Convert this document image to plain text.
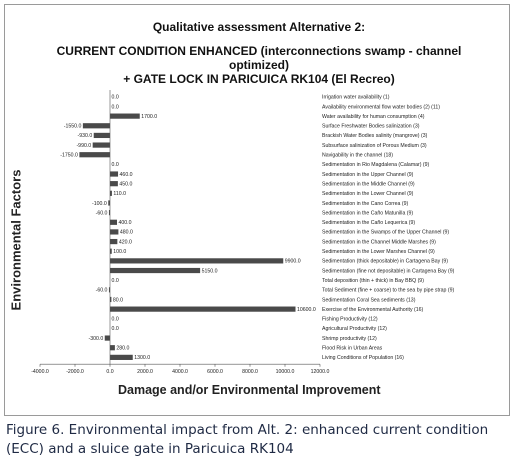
Qualitative assessment Alternative 2:
CURRENT CONDITION ENHANCED (interconnections swamp - channel
optimized)
+ GATE LOCK IN PARICUICA RK104 (El Recreo)
Environmental Factors
Damage and/or Environmental Improvement
0.0	Irrigation water availability (1)
0.0	Availability environmental flow water bodies (2) (11)
1700.0	Water availability for human consumption (4)
-1550.0	Surface Freshwater Bodies salinization (3)
-930.0	Brackish Water Bodies salinity (mangrove) (3)
-990.0	Subsurface salinization of Porous Medium (3)
-1750.0	Navigability in the channel (18)
0.0	Sedimentation in Rio Magdalena (Calamar) (9)
460.0	Sedimentation in the Upper Channel (9)
450.0	Sedimentation in the Middle Channel (9)
110.0	Sedimentation in the Lower Channel (9)
-100.0	Sedimentation in the Cano Correa (9)
-60.0	Sedimentation in the Caño Matunilla (9)
400.0	Sedimentation in the Caño Lequerica (9)
480.0	Sedimentation in the Swamps of the Upper Channel (9)
420.0	Sedimentation in the Channel Middle Marshes (9)
100.0	Sedimentation in the Lower Marshes Channel (9)
9900.0	Sedimentation (thick depositable) in Cartagena Bay (9)
5150.0	Sedimentation (fine not depositable) in Cartagena Bay (9)
0.0	Total deposition (thin + thick) in Bay BBQ (9)
-60.0	Total Sediment (fine + coarse) to the sea by pipe strap (9)
80.0	Sedimentation Coral Sea sediments (13)
10600.0 Exercise of the Environmental Authority (16)
0.0	Fishing Productivity (12)
0.0	Agricultural Productivity (12)
-300.0	Shrimp productivity (12)
280.0	Flood Risk in Urban Areas
1300.0	Living Conditions of Population (16)
-4000.0	-2000.0	0.0	2000.0	4000.0	6000.0	8000.0	10000.0	12000.0
Figure 6. Environmental impact from Alt. 2: enhanced current condition (ECC) and a sluice gate in Paricuica RK104
